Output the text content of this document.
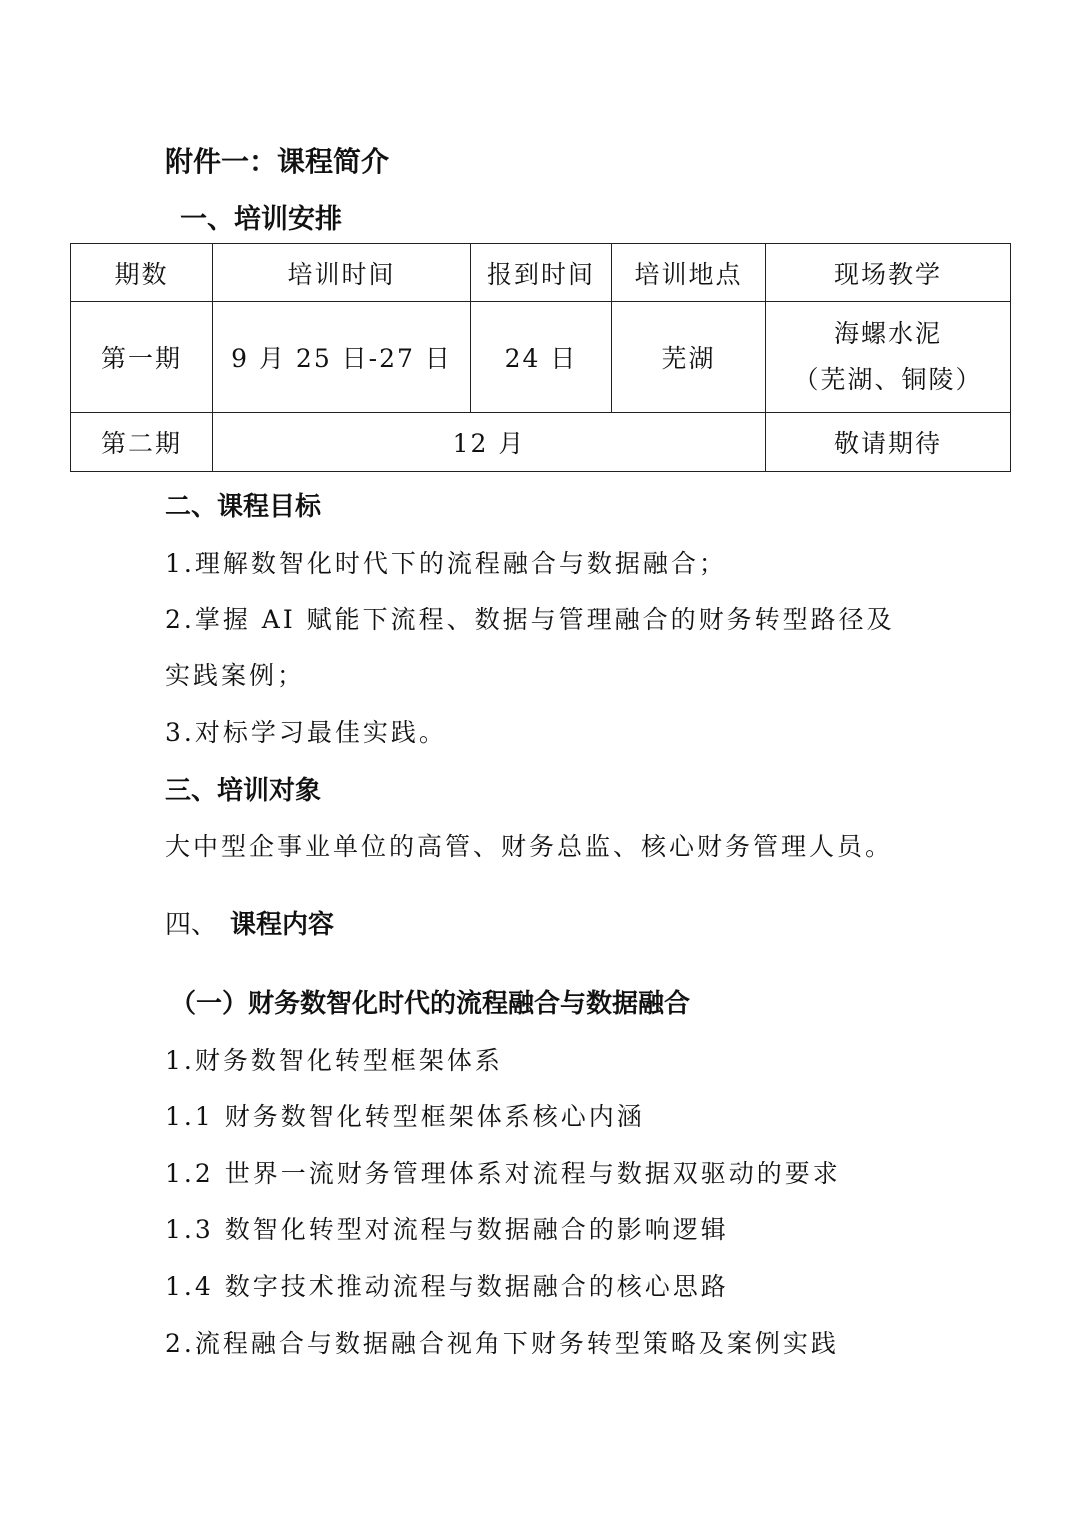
附件一：课程简介
一、培训安排
期数	培训时间	报到时间	培训地点	现场教学
第一期	9 月 25 日-27 日	24 日	芜湖	海螺水泥
（芜湖、铜陵）

第二期	12 月			敬请期待
二、课程目标
1.理解数智化时代下的流程融合与数据融合；
2.掌握 AI 赋能下流程、数据与管理融合的财务转型路径及
实践案例；
3.对标学习最佳实践。
三、培训对象
大中型企事业单位的高管、财务总监、核心财务管理人员。
四、 课程内容
（一）财务数智化时代的流程融合与数据融合
1.财务数智化转型框架体系
1.1 财务数智化转型框架体系核心内涵
1.2 世界一流财务管理体系对流程与数据双驱动的要求
1.3 数智化转型对流程与数据融合的影响逻辑
1.4 数字技术推动流程与数据融合的核心思路
2.流程融合与数据融合视角下财务转型策略及案例实践
